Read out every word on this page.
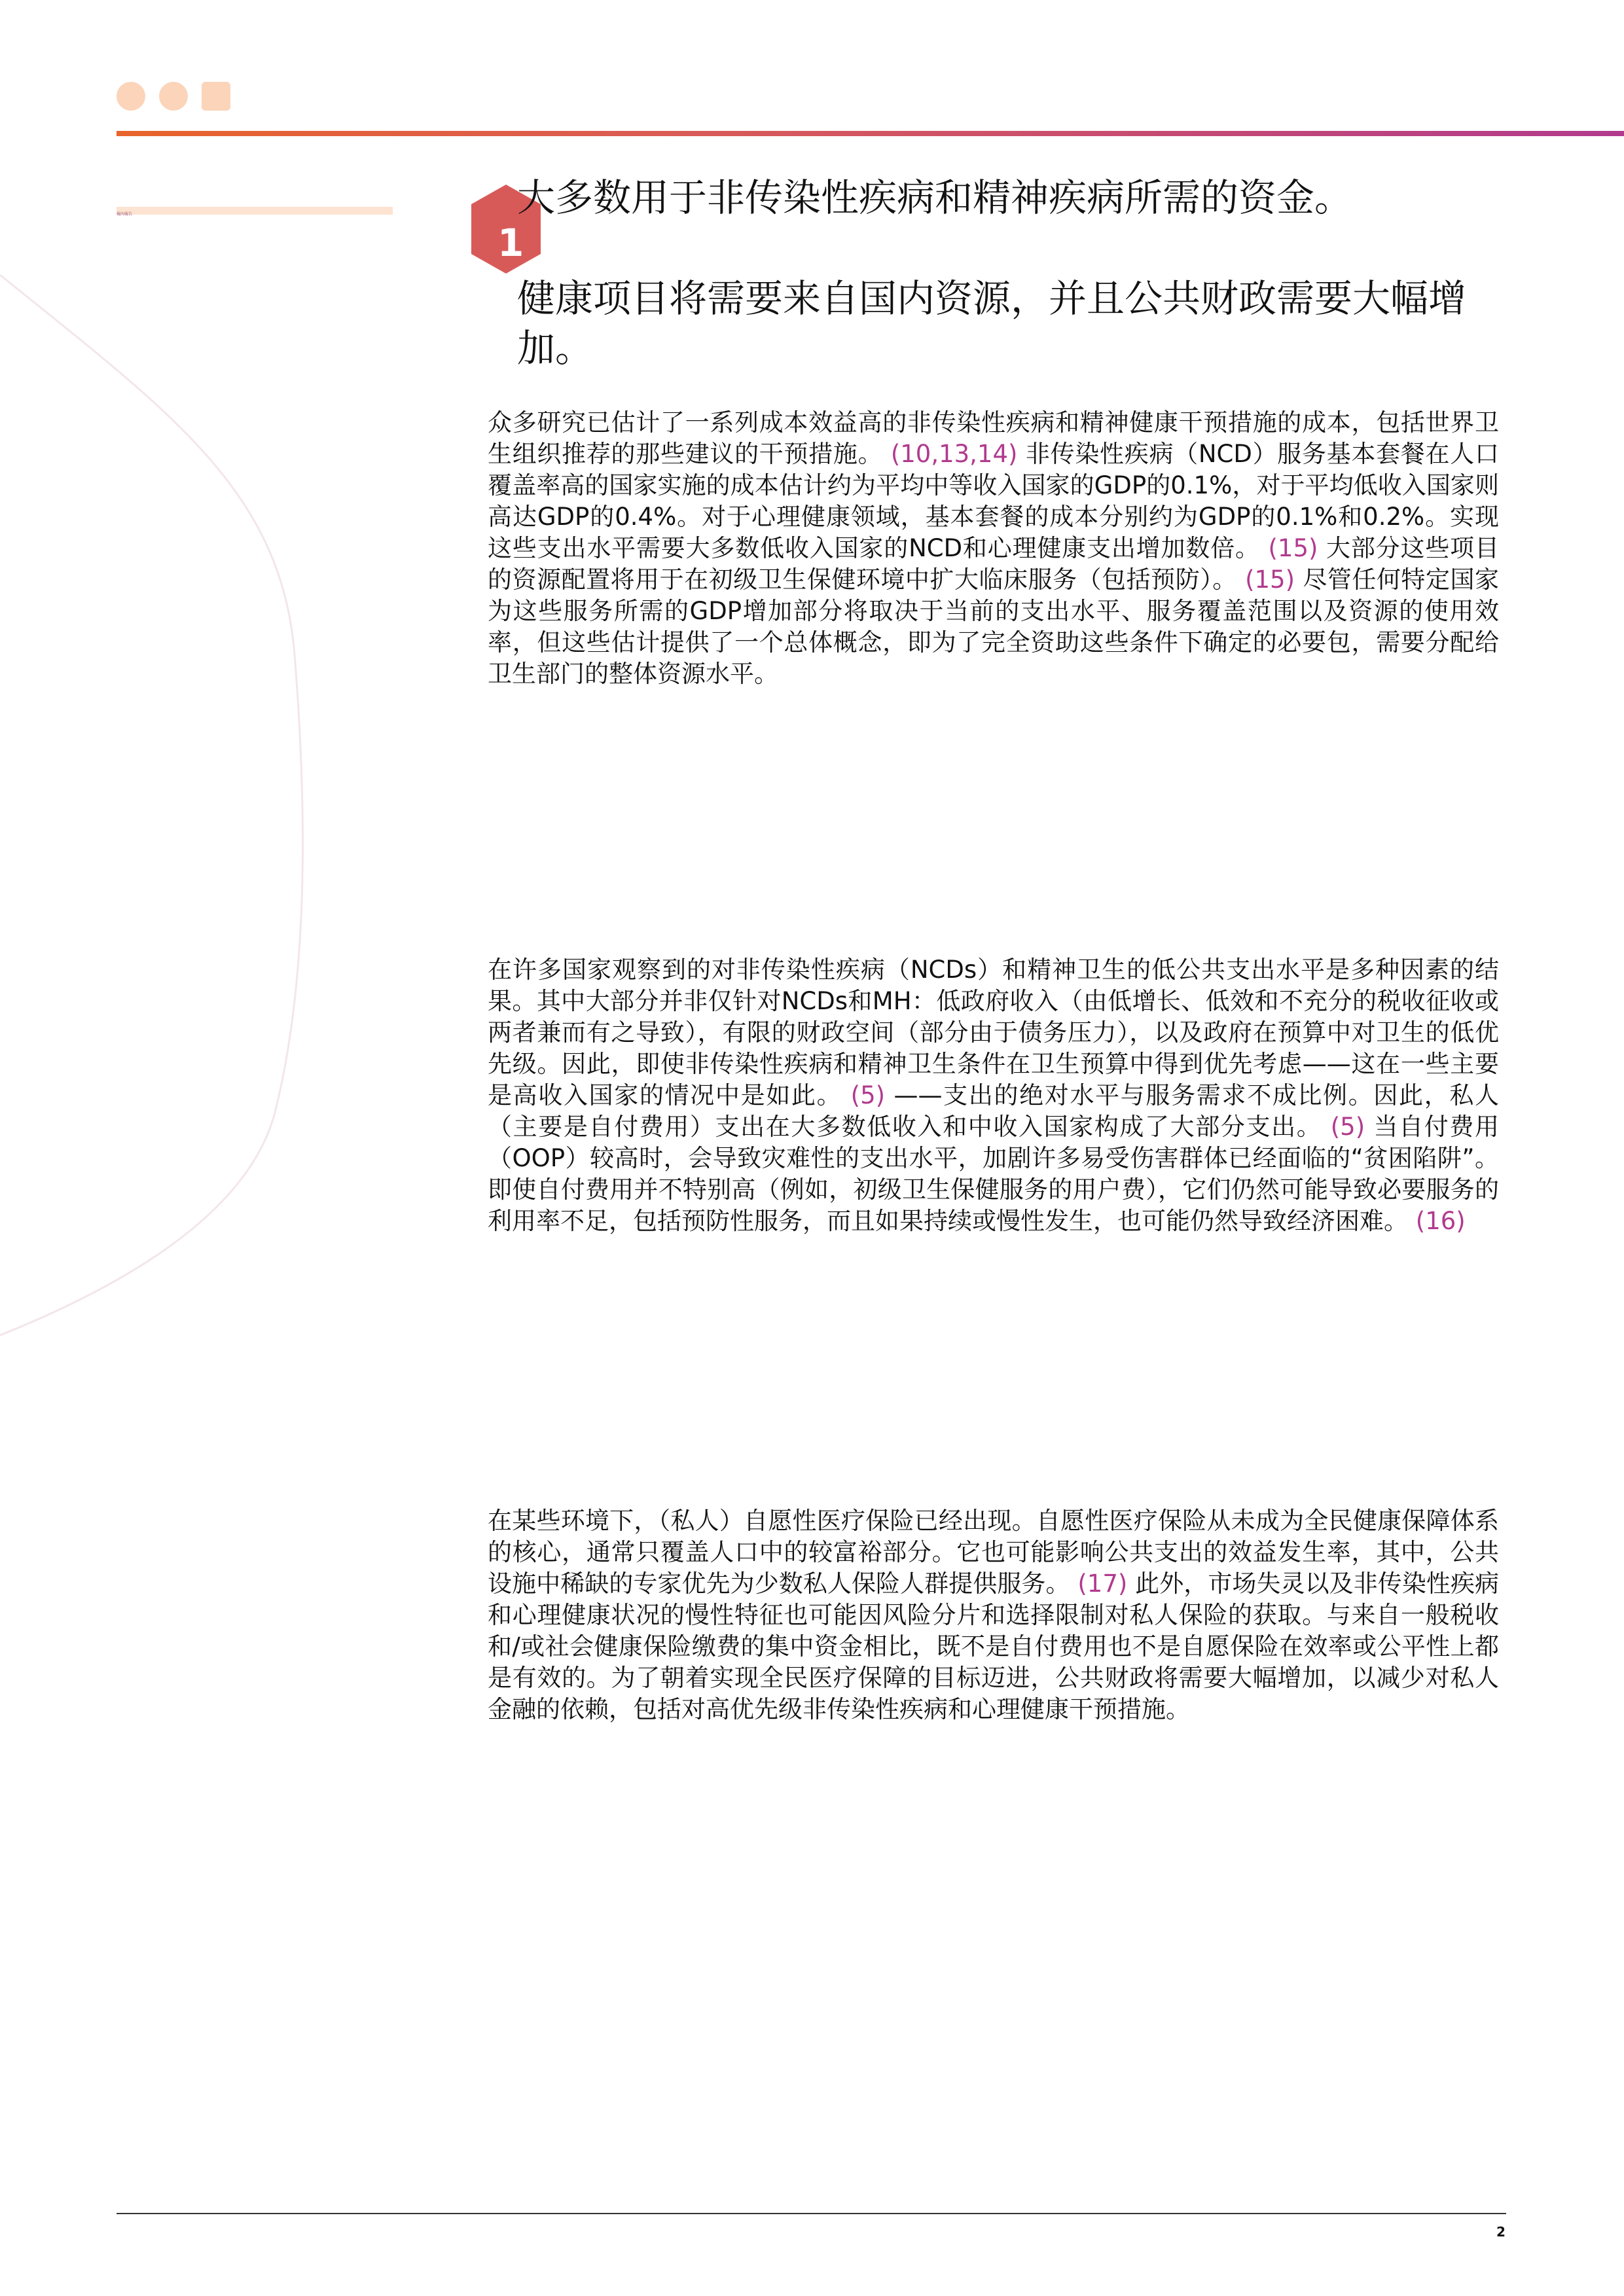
報內報告
1
大多数用于非传染性疾病和精神疾病所需的资金。
健康项目将需要来自国内资源，并且公共财政需要大幅增加。

众多研究已估计了一系列成本效益高的非传染性疾病和精神健康干预措施的成本，包括世界卫生组织推荐的那些建议的干预措施。 (10,13,14) 非传染性疾病（NCD）服务基本套餐在人口覆盖率高的国家实施的成本估计约为平均中等收入国家的GDP的0.1%，对于平均低收入国家则高达GDP的0.4%。对于心理健康领域，基本套餐的成本分别约为GDP的0.1%和0.2%。实现这些支出水平需要大多数低收入国家的NCD和心理健康支出增加数倍。 (15) 大部分这些项目的资源配置将用于在初级卫生保健环境中扩大临床服务（包括预防）。 (15) 尽管任何特定国家为这些服务所需的GDP增加部分将取决于当前的支出水平、服务覆盖范围以及资源的使用效率，但这些估计提供了一个总体概念，即为了完全资助这些条件下确定的必要包，需要分配给卫生部门的整体资源水平。

在许多国家观察到的对非传染性疾病（NCDs）和精神卫生的低公共支出水平是多种因素的结果。其中大部分并非仅针对NCDs和MH：低政府收入（由低增长、低效和不充分的税收征收或两者兼而有之导致），有限的财政空间（部分由于债务压力），以及政府在预算中对卫生的低优先级。因此，即使非传染性疾病和精神卫生条件在卫生预算中得到优先考虑——这在一些主要是高收入国家的情况中是如此。 (5) ——支出的绝对水平与服务需求不成比例。因此，私人（主要是自付费用）支出在大多数低收入和中收入国家构成了大部分支出。 (5) 当自付费用（OOP）较高时，会导致灾难性的支出水平，加剧许多易受伤害群体已经面临的“贫困陷阱”。即使自付费用并不特别高（例如，初级卫生保健服务的用户费），它们仍然可能导致必要服务的利用率不足，包括预防性服务，而且如果持续或慢性发生，也可能仍然导致经济困难。 (16)

在某些环境下，（私人）自愿性医疗保险已经出现。自愿性医疗保险从未成为全民健康保障体系的核心，通常只覆盖人口中的较富裕部分。它也可能影响公共支出的效益发生率，其中，公共设施中稀缺的专家优先为少数私人保险人群提供服务。 (17) 此外，市场失灵以及非传染性疾病和心理健康状况的慢性特征也可能因风险分片和选择限制对私人保险的获取。与来自一般税收和/或社会健康保险缴费的集中资金相比，既不是自付费用也不是自愿保险在效率或公平性上都是有效的。为了朝着实现全民医疗保障的目标迈进，公共财政将需要大幅增加，以减少对私人金融的依赖，包括对高优先级非传染性疾病和心理健康干预措施。

2
